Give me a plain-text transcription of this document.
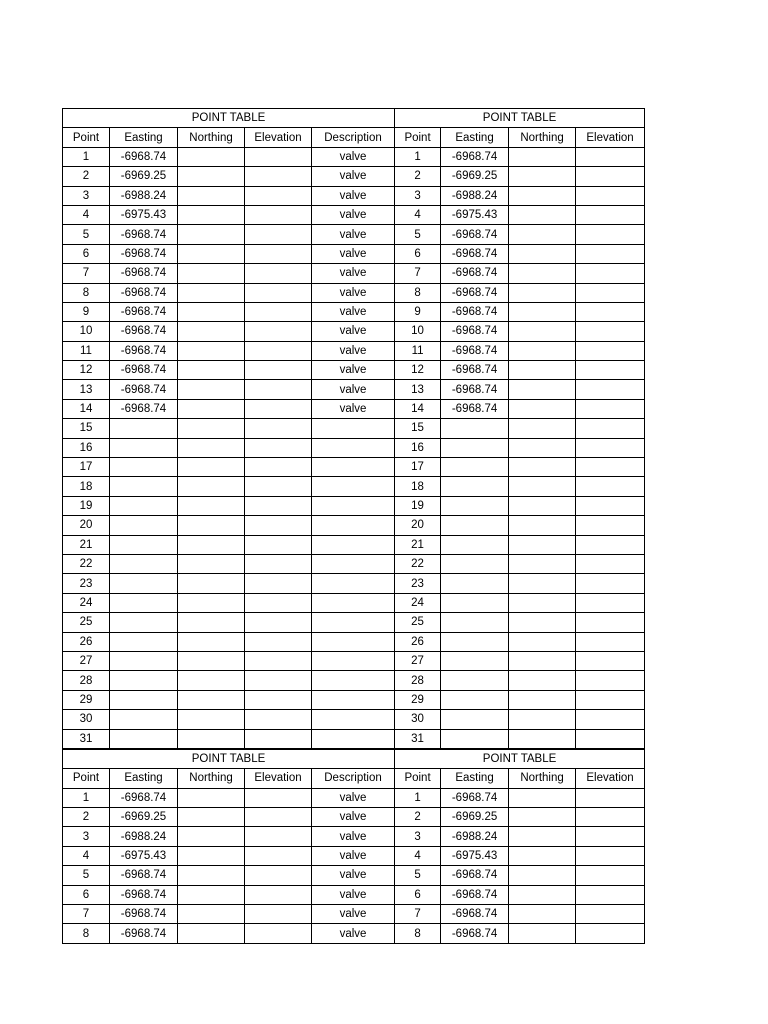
POINT TABLE					POINT TABLE			
Point	Easting	Northing	Elevation	Description	Point	Easting	Northing	Elevation
1	-6968.74			valve	1	-6968.74		
2	-6969.25			valve	2	-6969.25		
3	-6988.24			valve	3	-6988.24		
4	-6975.43			valve	4	-6975.43		
5	-6968.74			valve	5	-6968.74		
6	-6968.74			valve	6	-6968.74		
7	-6968.74			valve	7	-6968.74		
8	-6968.74			valve	8	-6968.74		
9	-6968.74			valve	9	-6968.74		
10	-6968.74			valve	10	-6968.74		
11	-6968.74			valve	11	-6968.74		
12	-6968.74			valve	12	-6968.74		
13	-6968.74			valve	13	-6968.74		
14	-6968.74			valve	14	-6968.74		
15					15			
16					16			
17					17			
18					18			
19					19			
20					20			
21					21			
22					22			
23					23			
24					24			
25					25			
26					26			
27					27			
28					28			
29					29			
30					30			
31					31			
POINT TABLE					POINT TABLE			
Point	Easting	Northing	Elevation	Description	Point	Easting	Northing	Elevation
1	-6968.74			valve	1	-6968.74		
2	-6969.25			valve	2	-6969.25		
3	-6988.24			valve	3	-6988.24		
4	-6975.43			valve	4	-6975.43		
5	-6968.74			valve	5	-6968.74		
6	-6968.74			valve	6	-6968.74		
7	-6968.74			valve	7	-6968.74		
8	-6968.74			valve	8	-6968.74		
